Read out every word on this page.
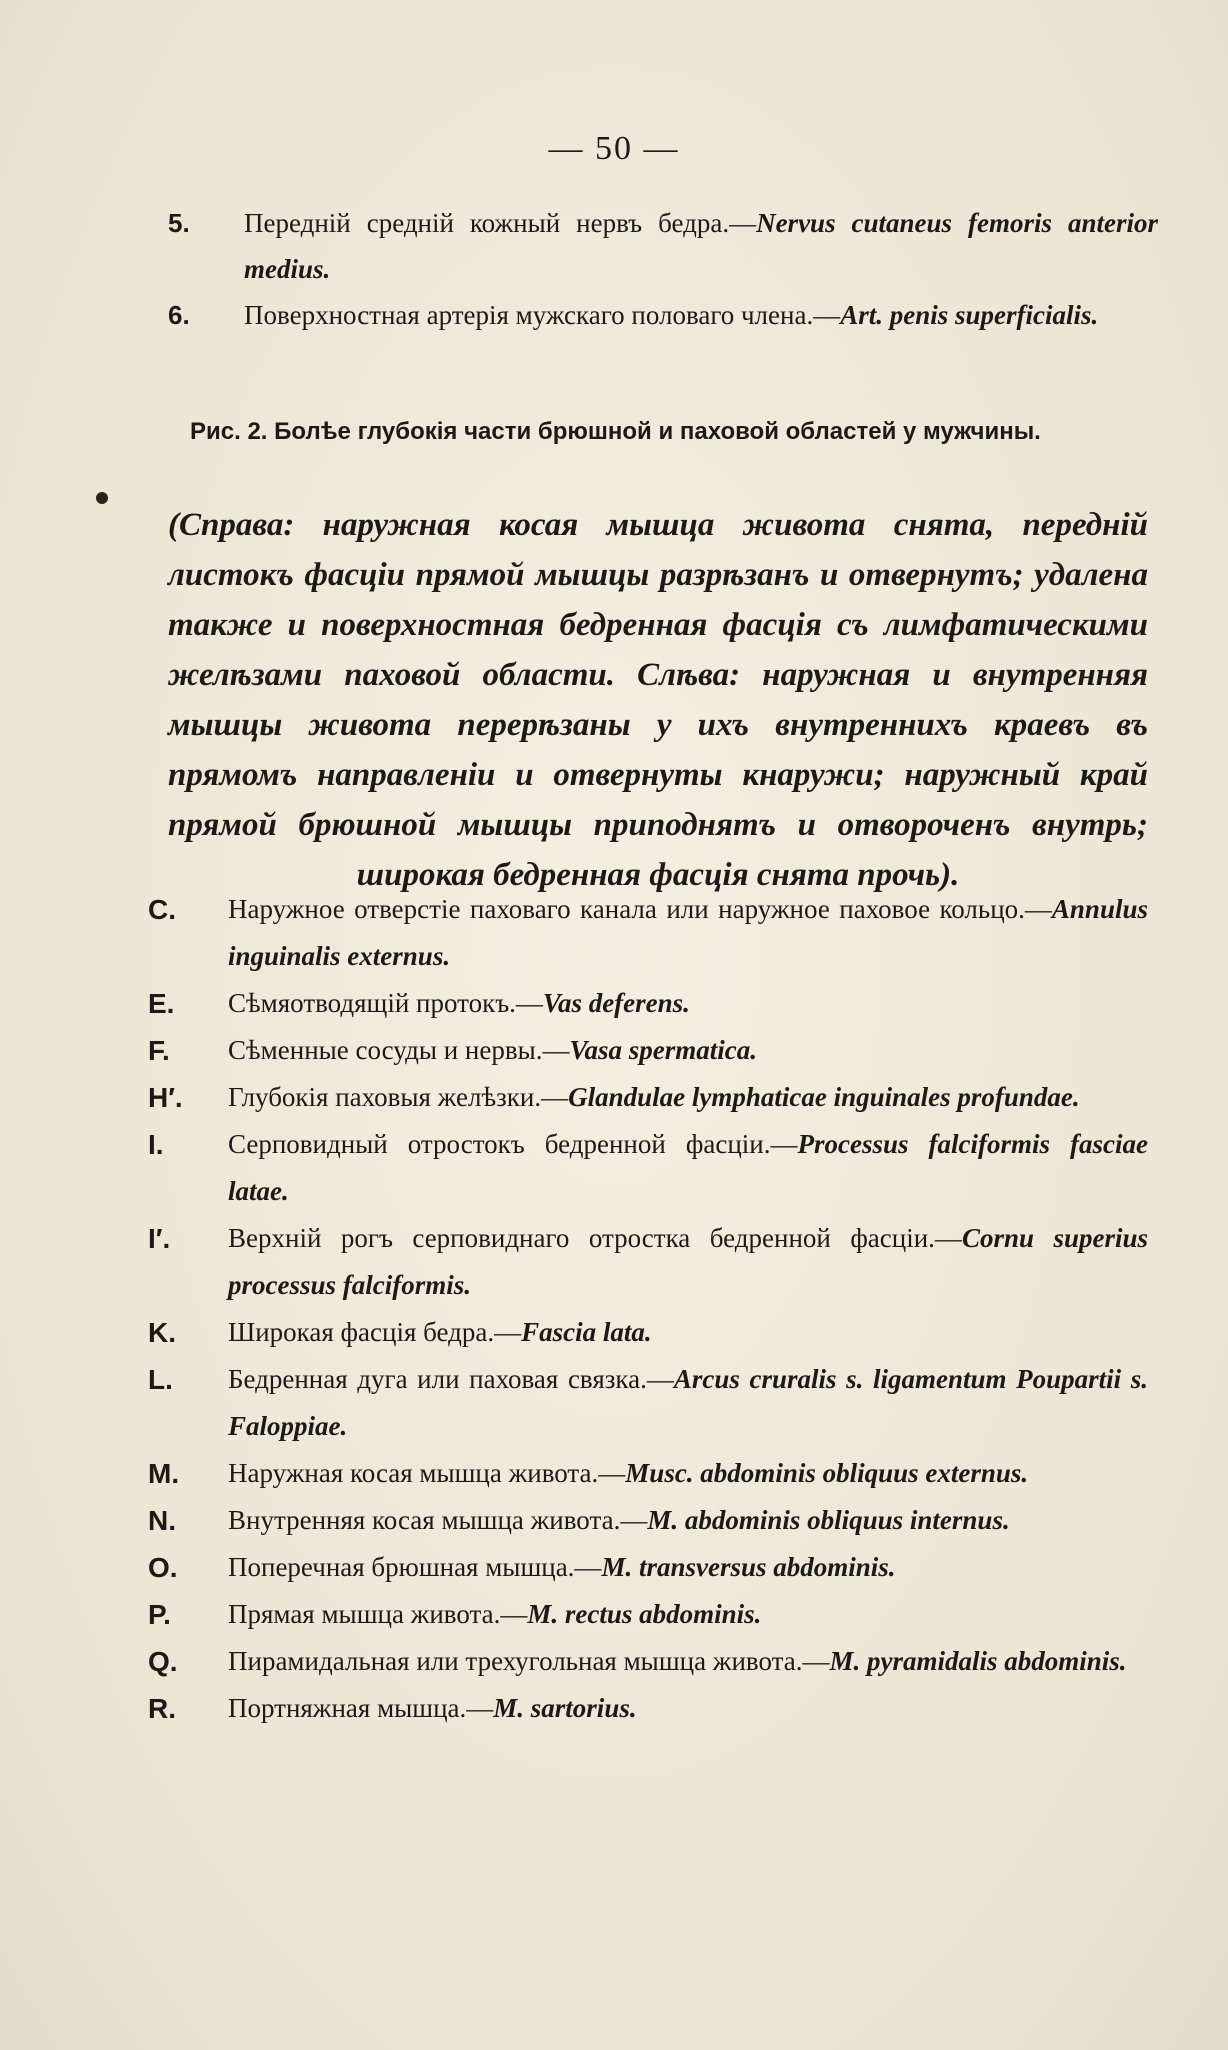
— 50 —
5.	Передній средній кожный нервъ бедра.—Nervus cutaneus femoris anterior medius.
6.	Поверхностная артерія мужскаго половаго члена.—Art. penis superficialis.
Рис. 2. Болѣе глубокія части брюшной и паховой областей у мужчины.
(Справа: наружная косая мышца живота снята, передній листокъ фасціи прямой мышцы разрѣзанъ и отвернутъ; удалена также и поверхностная бедренная фасція съ лимфатическими желѣзами паховой области. Слѣва: наружная и внутренняя мышцы живота перерѣзаны у ихъ внутреннихъ краевъ въ прямомъ направленіи и отвернуты кнаружи; наружный край прямой брюшной мышцы приподнятъ и отвороченъ внутрь; широкая бедренная фасція снята прочь).
C.	Наружное отверстіе паховаго канала или наружное паховое кольцо.—Annulus inguinalis externus.
E.	Сѣмяотводящій протокъ.—Vas deferens.
F.	Сѣменные сосуды и нервы.—Vasa spermatica.
H′.	Глубокія паховыя желѣзки.—Glandulae lymphaticae inguinales profundae.
I.	Серповидный отростокъ бедренной фасціи.—Processus falciformis fasciae latae.
I′.	Верхній рогъ серповиднаго отростка бедренной фасціи.—Cornu superius processus falciformis.
K.	Широкая фасція бедра.—Fascia lata.
L.	Бедренная дуга или паховая связка.—Arcus cruralis s. ligamentum Poupartii s. Faloppiae.
M.	Наружная косая мышца живота.—Musc. abdominis obliquus externus.
N.	Внутренняя косая мышца живота.—M. abdominis obliquus internus.
O.	Поперечная брюшная мышца.—M. transversus abdominis.
P.	Прямая мышца живота.—M. rectus abdominis.
Q.	Пирамидальная или трехугольная мышца живота.—M. pyramidalis abdominis.
R.	Портняжная мышца.—M. sartorius.
